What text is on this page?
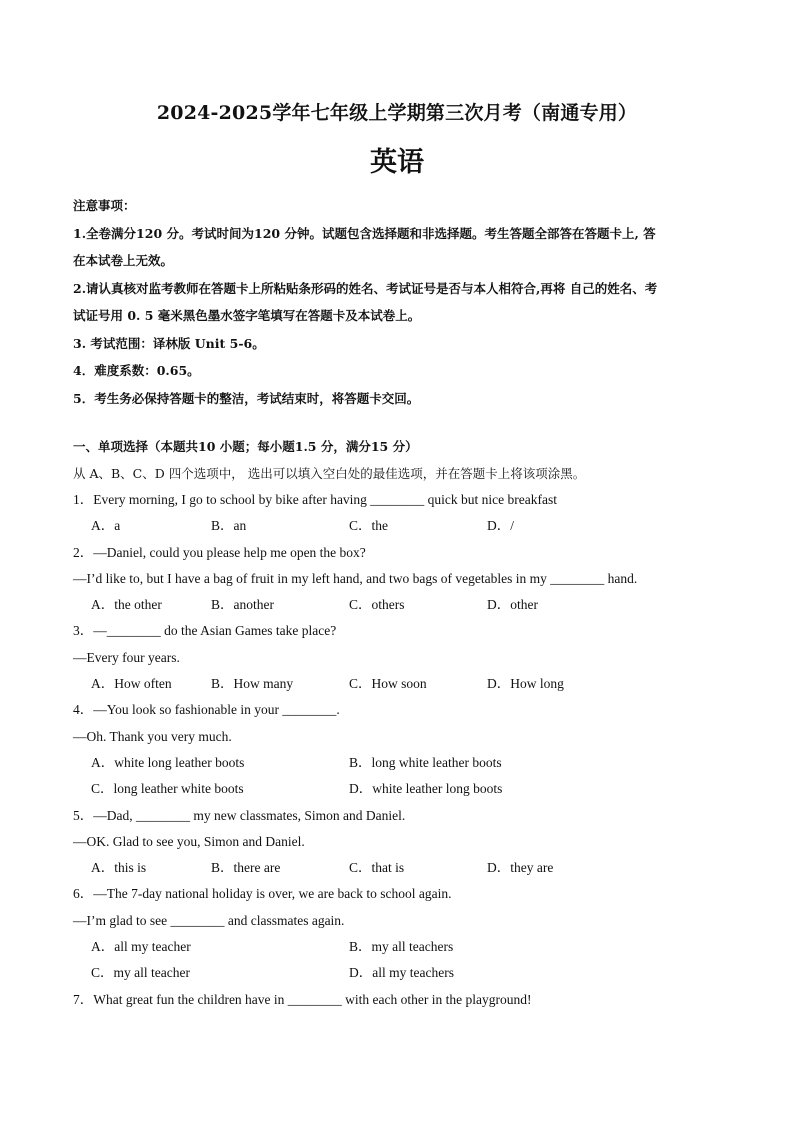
2024-2025学年七年级上学期第三次月考（南通专用）
英语
注意事项：
1.全卷满分120 分。考试时间为120 分钟。试题包含选择题和非选择题。考生答题全部答在答题卡上, 答
在本试卷上无效。
2.请认真核对监考教师在答题卡上所粘贴条形码的姓名、考试证号是否与本人相符合,再将 自己的姓名、考
试证号用 0. 5 毫米黑色墨水签字笔填写在答题卡及本试卷上。
3. 考试范围：译林版 Unit 5-6。
4．难度系数：0.65。
5．考生务必保持答题卡的整洁，考试结束时，将答题卡交回。
一、单项选择（本题共10 小题；每小题1.5 分，满分15 分）
从 A、B、C、D 四个选项中， 选出可以填入空白处的最佳选项，并在答题卡上将该项涂黑。
1．Every morning, I go to school by bike after having ________ quick but nice breakfast
A．a	B．an	C．the	D．/
2．—Daniel, could you please help me open the box?
—I’d like to, but I have a bag of fruit in my left hand, and two bags of vegetables in my ________ hand.
A．the other	B．another	C．others	D．other
3．—________ do the Asian Games take place?
—Every four years.
A．How often	B．How many	C．How soon	D．How long
4．—You look so fashionable in your ________.
—Oh. Thank you very much.
A．white long leather boots	B．long white leather boots
C．long leather white boots	D．white leather long boots
5．—Dad, ________ my new classmates, Simon and Daniel.
—OK. Glad to see you, Simon and Daniel.
A．this is	B．there are	C．that is	D．they are
6．—The 7-day national holiday is over, we are back to school again.
—I’m glad to see ________ and classmates again.
A．all my teacher	B．my all teachers
C．my all teacher	D．all my teachers
7．What great fun the children have in ________ with each other in the playground!
